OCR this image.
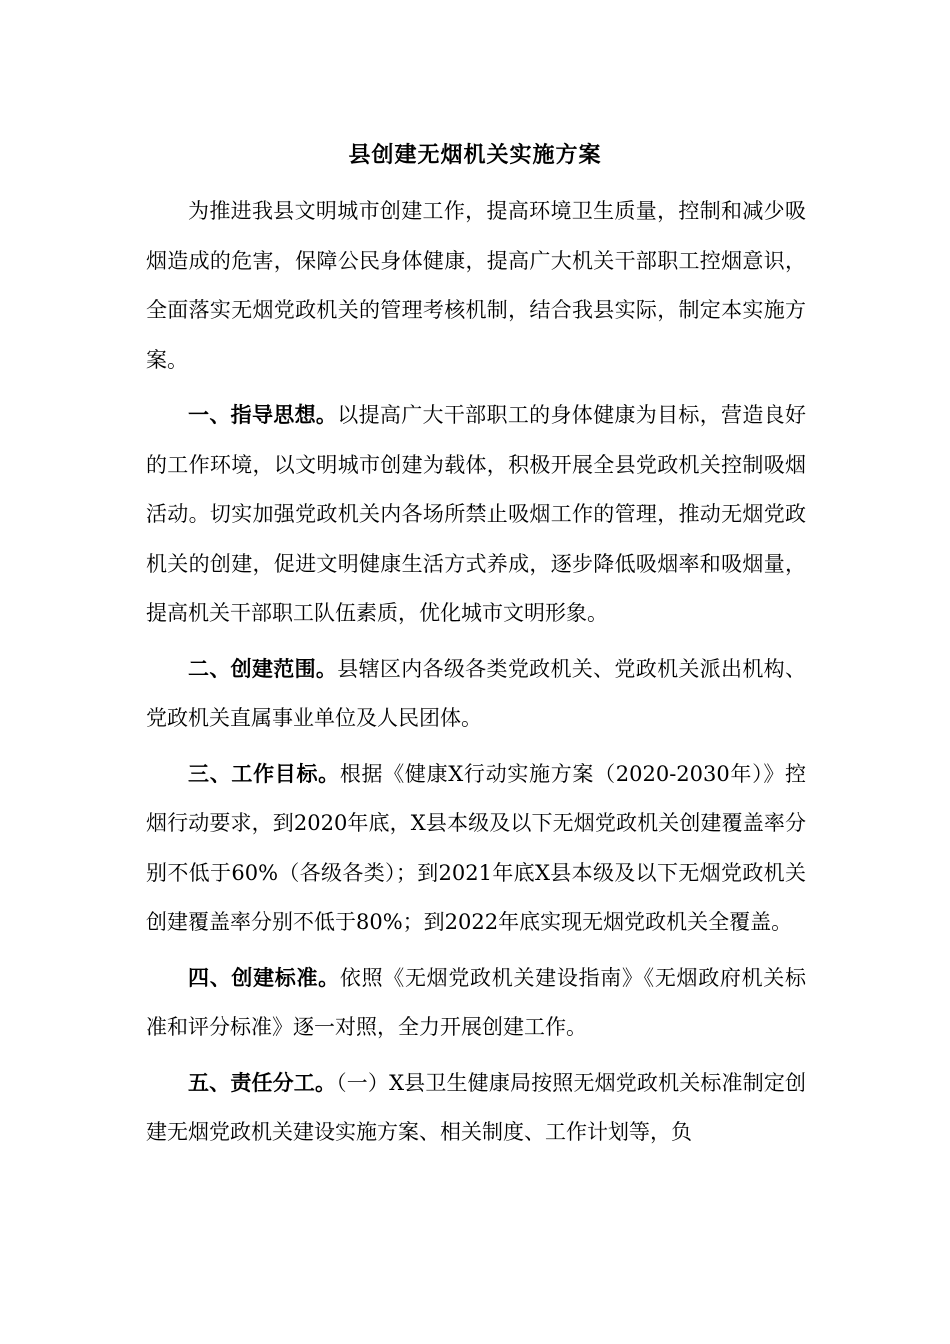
县创建无烟机关实施方案

为推进我县文明城市创建工作，提高环境卫生质量，控制和减少吸烟造成的危害，保障公民身体健康，提高广大机关干部职工控烟意识，全面落实无烟党政机关的管理考核机制，结合我县实际，制定本实施方案。

一、指导思想。以提高广大干部职工的身体健康为目标，营造良好的工作环境，以文明城市创建为载体，积极开展全县党政机关控制吸烟活动。切实加强党政机关内各场所禁止吸烟工作的管理，推动无烟党政机关的创建，促进文明健康生活方式养成，逐步降低吸烟率和吸烟量，提高机关干部职工队伍素质，优化城市文明形象。

二、创建范围。县辖区内各级各类党政机关、党政机关派出机构、党政机关直属事业单位及人民团体。

三、工作目标。根据《健康X行动实施方案（2020-2030年）》控烟行动要求，到2020年底，X县本级及以下无烟党政机关创建覆盖率分别不低于60%（各级各类）；到2021年底X县本级及以下无烟党政机关创建覆盖率分别不低于80%；到2022年底实现无烟党政机关全覆盖。

四、创建标准。依照《无烟党政机关建设指南》《无烟政府机关标准和评分标准》逐一对照，全力开展创建工作。

五、责任分工。（一）X县卫生健康局按照无烟党政机关标准制定创建无烟党政机关建设实施方案、相关制度、工作计划等，负
